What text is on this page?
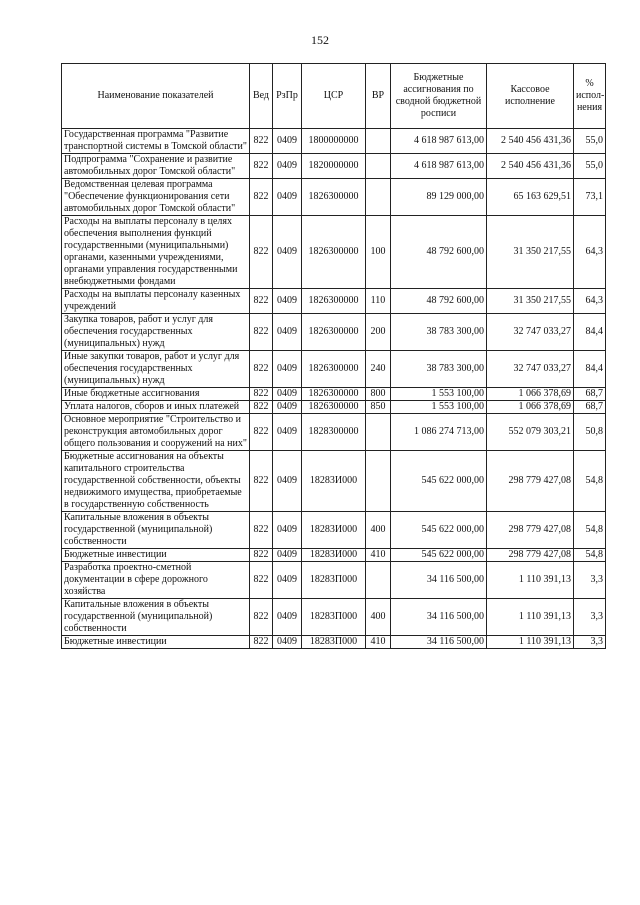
152
Наименование показателей	Вед	РзПр	ЦСР	ВР	Бюджетные ассигнования по сводной бюджетной росписи	Кассовое исполнение	% испол-нения
Государственная программа "Развитие транспортной системы в Томской области"	822	0409	1800000000		4 618 987 613,00	2 540 456 431,36	55,0
Подпрограмма "Сохранение и развитие автомобильных дорог Томской области"	822	0409	1820000000		4 618 987 613,00	2 540 456 431,36	55,0
Ведомственная целевая программа "Обеспечение функционирования сети автомобильных дорог Томской области"	822	0409	1826300000		89 129 000,00	65 163 629,51	73,1
Расходы на выплаты персоналу в целях обеспечения выполнения функций государственными (муниципальными) органами, казенными учреждениями, органами управления государственными внебюджетными фондами	822	0409	1826300000	100	48 792 600,00	31 350 217,55	64,3
Расходы на выплаты персоналу казенных учреждений	822	0409	1826300000	110	48 792 600,00	31 350 217,55	64,3
Закупка товаров, работ и услуг для обеспечения государственных (муниципальных) нужд	822	0409	1826300000	200	38 783 300,00	32 747 033,27	84,4
Иные закупки товаров, работ и услуг для обеспечения государственных (муниципальных) нужд	822	0409	1826300000	240	38 783 300,00	32 747 033,27	84,4
Иные бюджетные ассигнования	822	0409	1826300000	800	1 553 100,00	1 066 378,69	68,7
Уплата налогов, сборов и иных платежей	822	0409	1826300000	850	1 553 100,00	1 066 378,69	68,7
Основное мероприятие "Строительство и реконструкция автомобильных дорог общего пользования и сооружений на них"	822	0409	1828300000		1 086 274 713,00	552 079 303,21	50,8
Бюджетные ассигнования на объекты капитального строительства государственной собственности, объекты недвижимого имущества, приобретаемые в государственную собственность	822	0409	18283И000		545 622 000,00	298 779 427,08	54,8
Капитальные вложения в объекты государственной (муниципальной) собственности	822	0409	18283И000	400	545 622 000,00	298 779 427,08	54,8
Бюджетные инвестиции	822	0409	18283И000	410	545 622 000,00	298 779 427,08	54,8
Разработка проектно-сметной документации в сфере дорожного хозяйства	822	0409	18283П000		34 116 500,00	1 110 391,13	3,3
Капитальные вложения в объекты государственной (муниципальной) собственности	822	0409	18283П000	400	34 116 500,00	1 110 391,13	3,3
Бюджетные инвестиции	822	0409	18283П000	410	34 116 500,00	1 110 391,13	3,3
